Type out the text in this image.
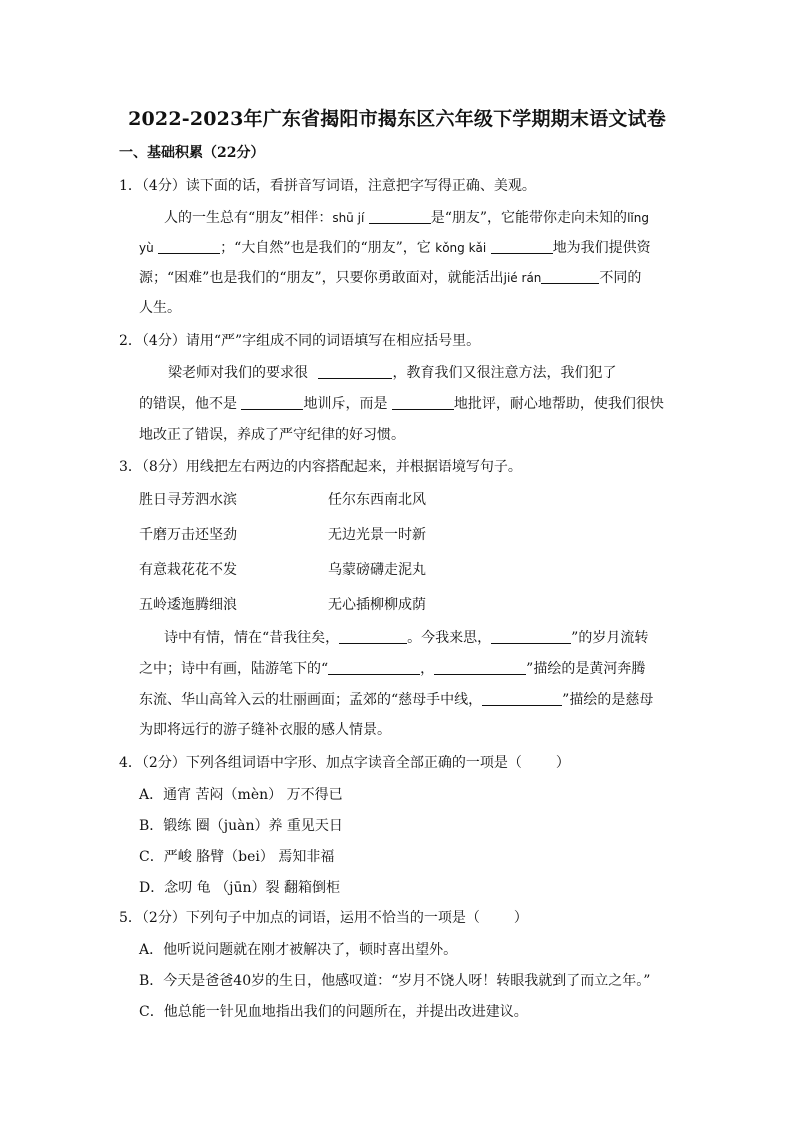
2022-2023年广东省揭阳市揭东区六年级下学期期末语文试卷
一、基础积累（22分）
1．（4分）读下面的话，看拼音写词语，注意把字写得正确、美观。
人的一生总有“朋友”相伴：shū jí	是“朋友”，它能带你走向未知的lǐng
yù	；“大自然”也是我们的“朋友”，它 kǒng kǎi	地为我们提供资
源；“困难”也是我们的“朋友”，只要你勇敢面对，就能活出jié rán	不同的
人生。
2．（4分）请用“严”字组成不同的词语填写在相应括号里。
梁老师对我们的要求很	，教育我们又很注意方法，我们犯了
的错误，他不是	地训斥，而是	地批评，耐心地帮助，使我们很快
地改正了错误，养成了严守纪律的好习惯。
3．（8分）用线把左右两边的内容搭配起来，并根据语境写句子。
胜日寻芳泗水滨	任尔东西南北风
千磨万击还坚劲	无边光景一时新
有意栽花花不发	乌蒙磅礴走泥丸
五岭逶迤腾细浪	无心插柳柳成荫
诗中有情，情在“昔我往矣，	。今我来思，	”的岁月流转
之中；诗中有画，陆游笔下的“	，	”描绘的是黄河奔腾
东流、华山高耸入云的壮丽画面；孟郊的“慈母手中线，	”描绘的是慈母
为即将远行的游子缝补衣服的感人情景。
4．（2分）下列各组词语中字形、加点字读音全部正确的一项是（ ）
A．通宵 苦闷（mèn） 万不得已
B．锻练 圈（juàn）养 重见天日
C．严峻 胳臂（bei） 焉知非福
D．念叨 龟 （jūn）裂 翻箱倒柜
5．（2分）下列句子中加点的词语，运用不恰当的一项是（ ）
A．他听说问题就在刚才被解决了，顿时喜出望外。
B．今天是爸爸40岁的生日，他感叹道：“岁月不饶人呀！转眼我就到了而立之年。”
C．他总能一针见血地指出我们的问题所在，并提出改进建议。
